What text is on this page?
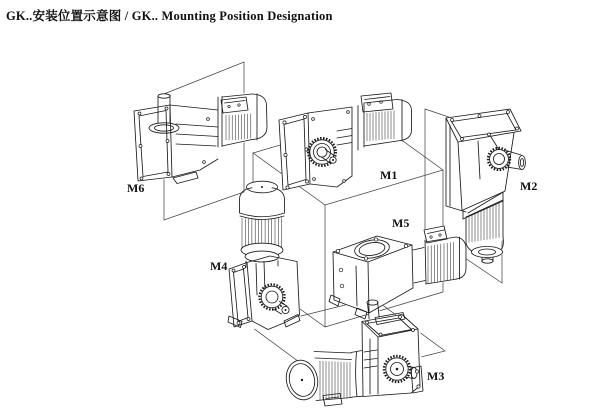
GK..安装位置示意图 / GK.. Mounting Position Designation
M6
M1
M2
M4
M5
M3
